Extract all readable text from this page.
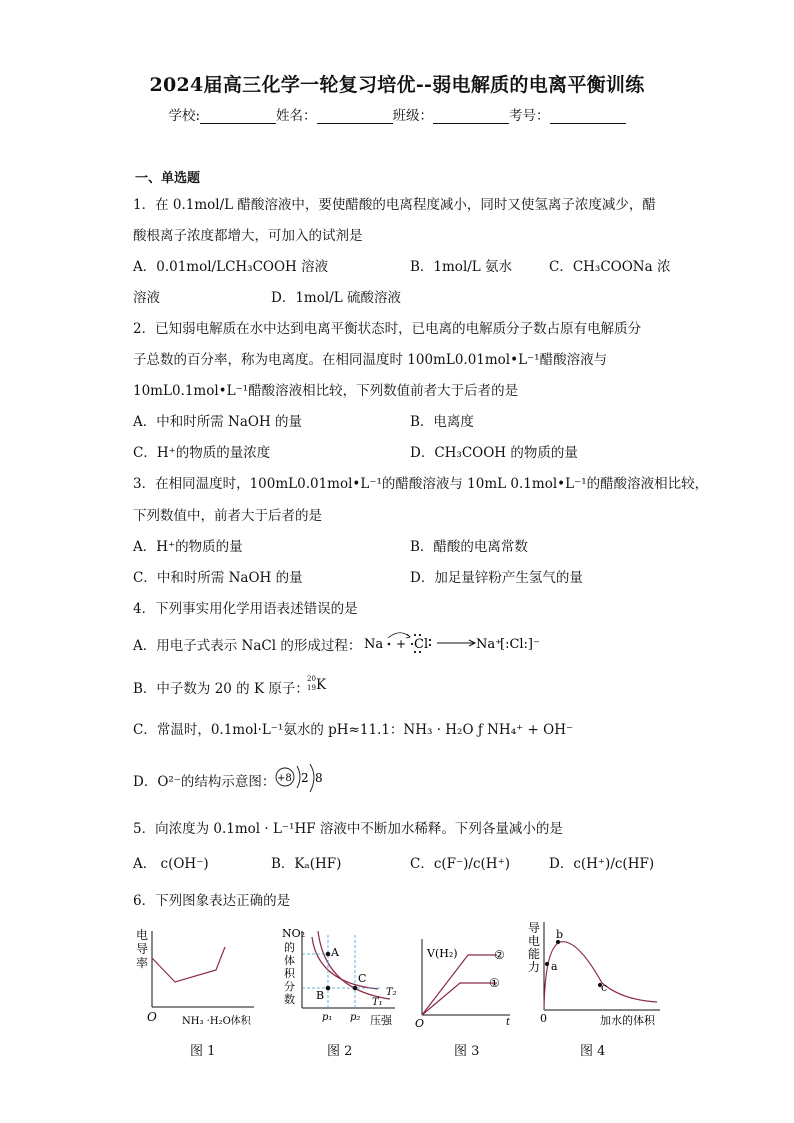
2024届高三化学一轮复习培优--弱电解质的电离平衡训练
学校:	姓名：	班级：	考号：
一、单选题
1．在 0.1mol/L 醋酸溶液中，要使醋酸的电离程度减小，同时又使氢离子浓度减少，醋
酸根离子浓度都增大，可加入的试剂是
A．0.01mol/LCH₃COOH 溶液	B．1mol/L 氨水	C．CH₃COONa 浓
溶液	D．1mol/L 硫酸溶液
2．已知弱电解质在水中达到电离平衡状态时，已电离的电解质分子数占原有电解质分
子总数的百分率，称为电离度。在相同温度时 100mL0.01mol•L⁻¹醋酸溶液与
10mL0.1mol•L⁻¹醋酸溶液相比较，下列数值前者大于后者的是
A．中和时所需 NaOH 的量	B．电离度
C．H⁺的物质的量浓度	D．CH₃COOH 的物质的量
3．在相同温度时，100mL0.01mol•L⁻¹的醋酸溶液与 10mL 0.1mol•L⁻¹的醋酸溶液相比较，
下列数值中，前者大于后者的是
A．H⁺的物质的量	B．醋酸的电离常数
C．中和时所需 NaOH 的量	D．加足量锌粉产生氢气的量
4．下列事实用化学用语表述错误的是
A．用电子式表示 NaCl 的形成过程： Na + Cl	Na⁺
[:Cl:]⁻
B．中子数为 20 的 K 原子：
20
19 K
C．常温时，0.1mol·L⁻¹氨水的 pH≈11.1：NH₃ · H₂O ƒ NH₄⁺ + OH⁻
D．O²⁻的结构示意图： +8 2 8
5．向浓度为 0.1mol · L⁻¹HF 溶液中不断加水稀释。下列各量减小的是
A． c(OH⁻)	B．Kₐ(HF)	C．c(F⁻)/c(H⁺)	D．c(H⁺)/c(HF)
6．下列图象表达正确的是
电
导
率
O	NH₃ ·H₂O体积
图 1
NO₂
的
体
积
分
数
A
B
C
T₂
T₁
p₁ p₂ 压强
图 2
V(H₂)	②
①
O	t
图 3
导
电
能
力 a
b
c
0	加水的体积
图 4
